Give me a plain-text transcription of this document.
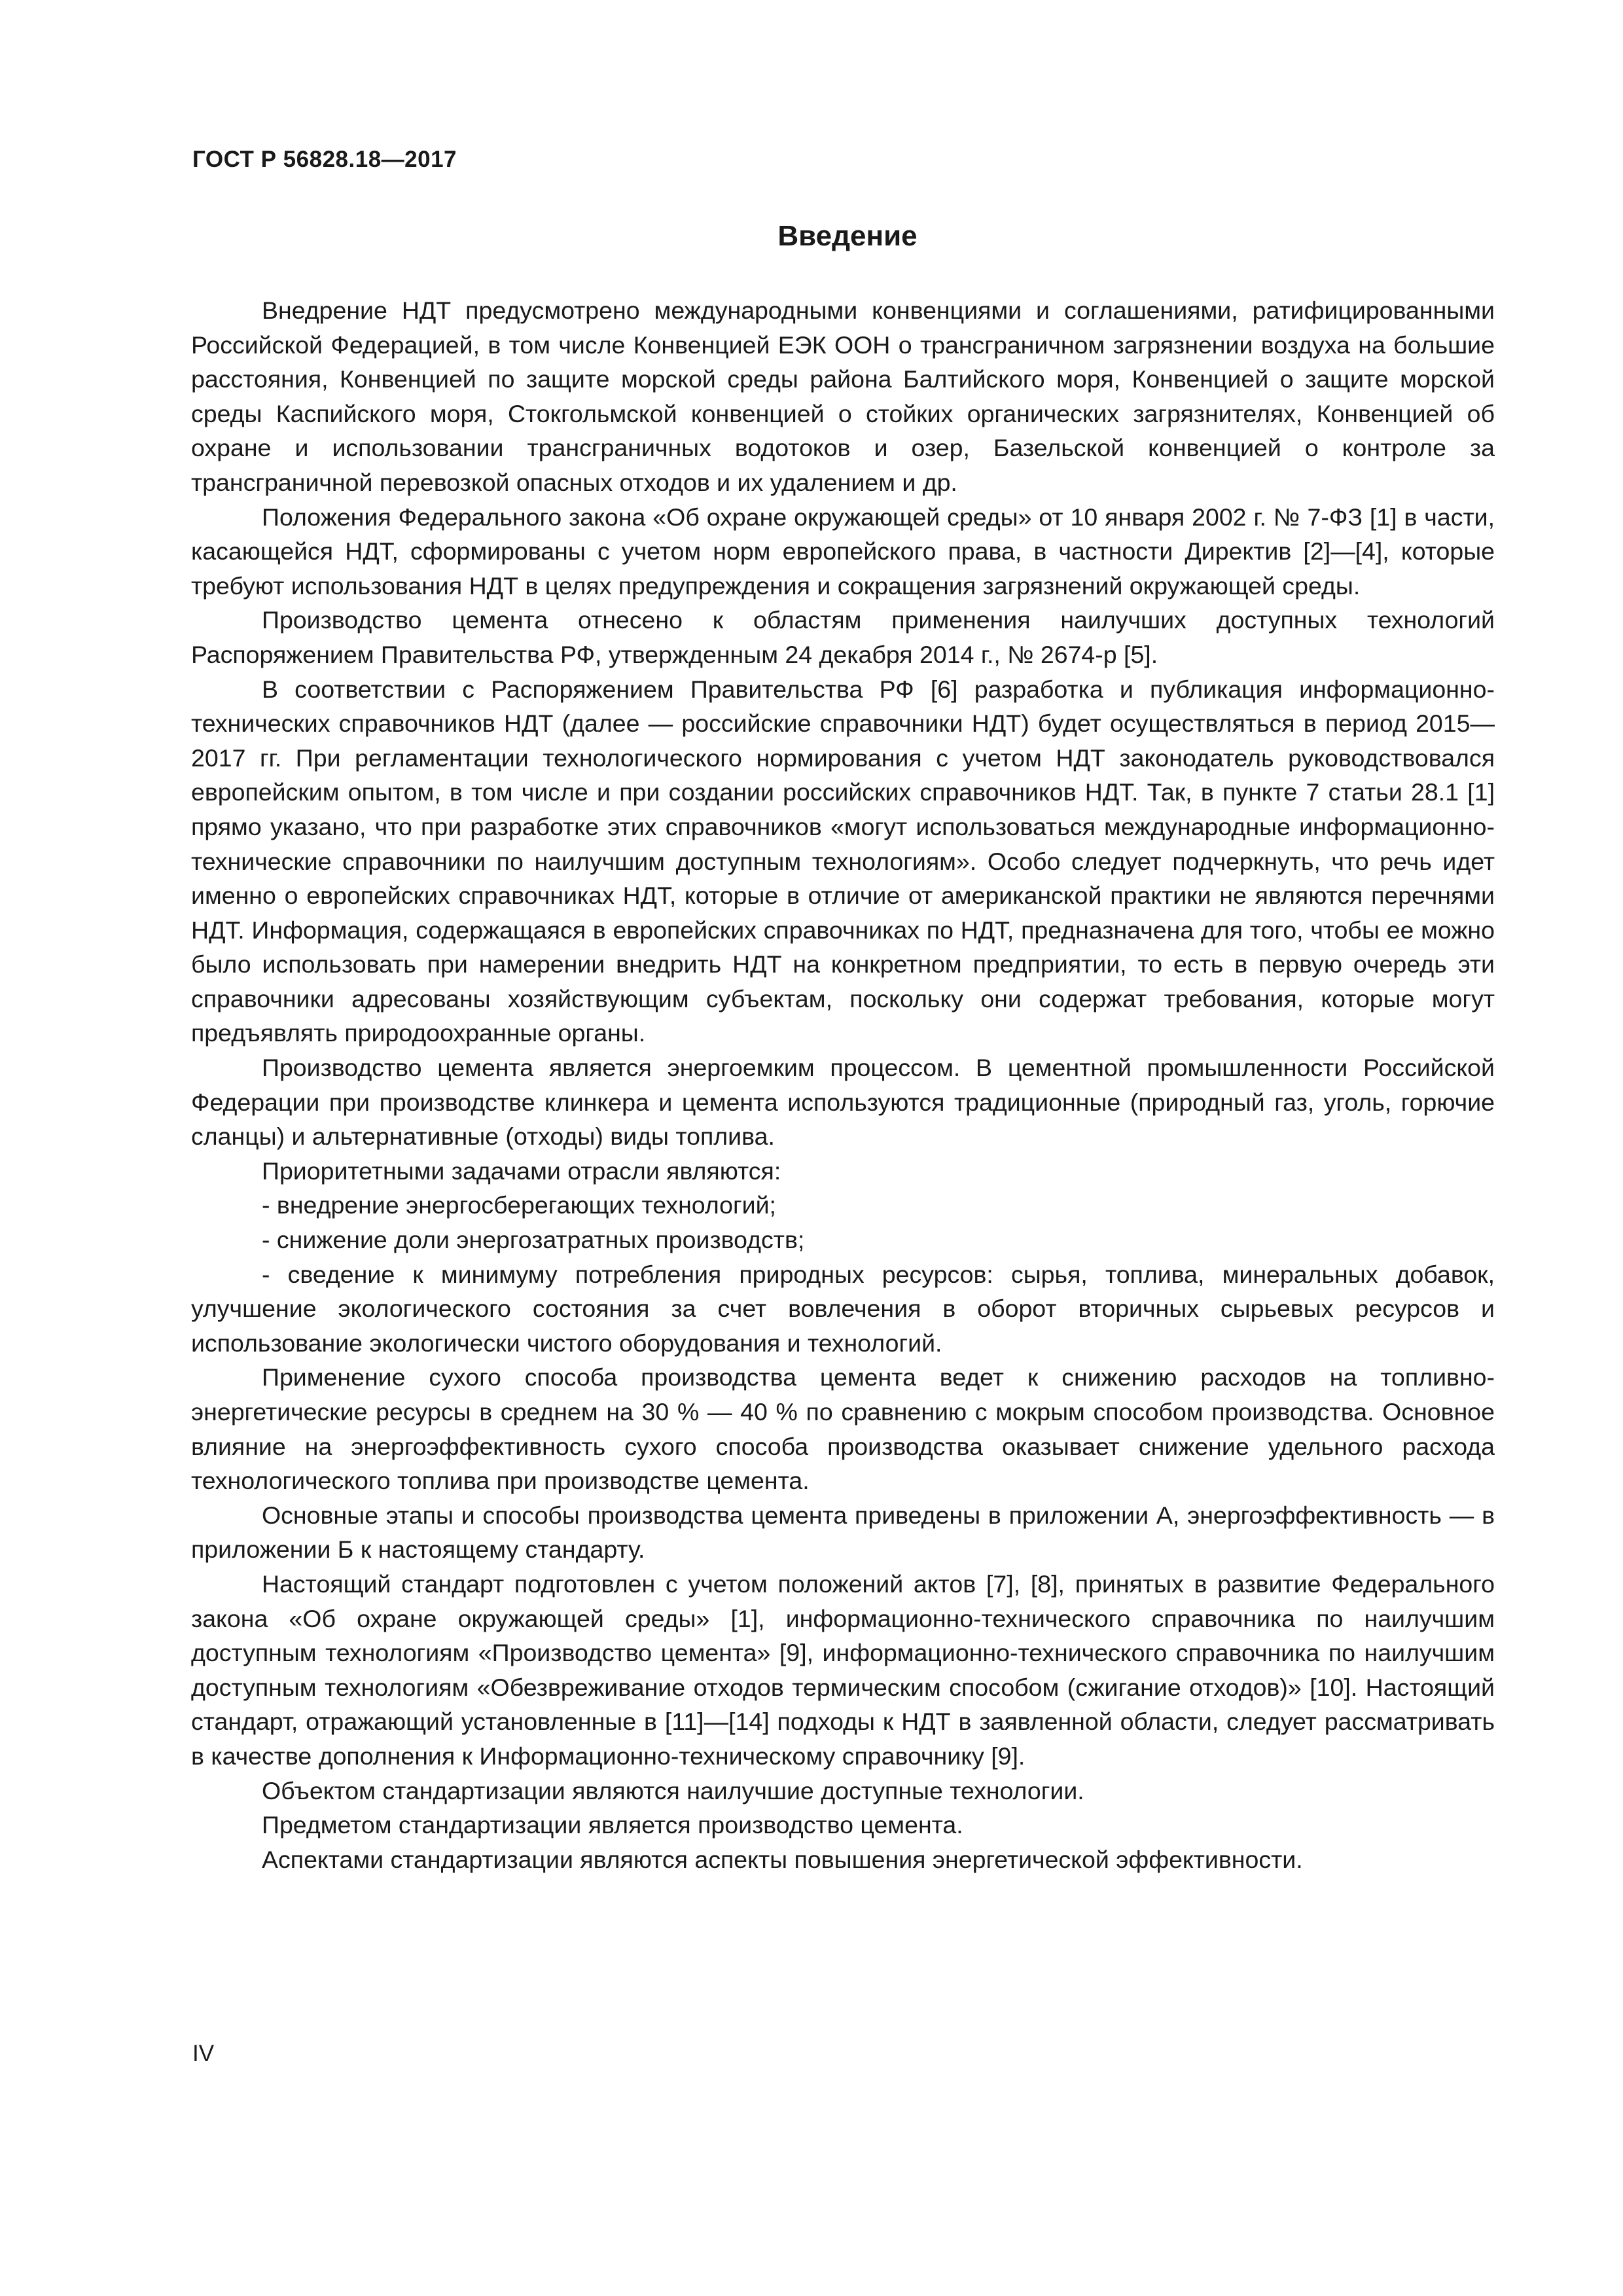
ГОСТ Р 56828.18—2017
Введение

Внедрение НДТ предусмотрено международными конвенциями и соглашениями, ратифицированными Российской Федерацией, в том числе Конвенцией ЕЭК ООН о трансграничном загрязнении воздуха на большие расстояния, Конвенцией по защите морской среды района Балтийского моря, Конвенцией о защите морской среды Каспийского моря, Стокгольмской конвенцией о стойких органических загрязнителях, Конвенцией об охране и использовании трансграничных водотоков и озер, Базельской конвенцией о контроле за трансграничной перевозкой опасных отходов и их удалением и др.

Положения Федерального закона «Об охране окружающей среды» от 10 января 2002 г. № 7-ФЗ [1] в части, касающейся НДТ, сформированы с учетом норм европейского права, в частности Директив [2]—[4], которые требуют использования НДТ в целях предупреждения и сокращения загрязнений окружающей среды.

Производство цемента отнесено к областям применения наилучших доступных технологий Распоряжением Правительства РФ, утвержденным 24 декабря 2014 г., № 2674-р [5].

В соответствии с Распоряжением Правительства РФ [6] разработка и публикация информационно-технических справочников НДТ (далее — российские справочники НДТ) будет осуществляться в период 2015—2017 гг. При регламентации технологического нормирования с учетом НДТ законодатель руководствовался европейским опытом, в том числе и при создании российских справочников НДТ. Так, в пункте 7 статьи 28.1 [1] прямо указано, что при разработке этих справочников «могут использоваться международные информационно-технические справочники по наилучшим доступным технологиям». Особо следует подчеркнуть, что речь идет именно о европейских справочниках НДТ, которые в отличие от американской практики не являются перечнями НДТ. Информация, содержащаяся в европейских справочниках по НДТ, предназначена для того, чтобы ее можно было использовать при намерении внедрить НДТ на конкретном предприятии, то есть в первую очередь эти справочники адресованы хозяйствующим субъектам, поскольку они содержат требования, которые могут предъявлять природоохранные органы.

Производство цемента является энергоемким процессом. В цементной промышленности Российской Федерации при производстве клинкера и цемента используются традиционные (природный газ, уголь, горючие сланцы) и альтернативные (отходы) виды топлива.

Приоритетными задачами отрасли являются:

- внедрение энергосберегающих технологий;

- снижение доли энергозатратных производств;

- сведение к минимуму потребления природных ресурсов: сырья, топлива, минеральных добавок, улучшение экологического состояния за счет вовлечения в оборот вторичных сырьевых ресурсов и использование экологически чистого оборудования и технологий.

Применение сухого способа производства цемента ведет к снижению расходов на топливно-энергетические ресурсы в среднем на 30 % — 40 % по сравнению с мокрым способом производства. Основное влияние на энергоэффективность сухого способа производства оказывает снижение удельного расхода технологического топлива при производстве цемента.

Основные этапы и способы производства цемента приведены в приложении А, энергоэффективность — в приложении Б к настоящему стандарту.

Настоящий стандарт подготовлен с учетом положений актов [7], [8], принятых в развитие Федерального закона «Об охране окружающей среды» [1], информационно-технического справочника по наилучшим доступным технологиям «Производство цемента» [9], информационно-технического справочника по наилучшим доступным технологиям «Обезвреживание отходов термическим способом (сжигание отходов)» [10]. Настоящий стандарт, отражающий установленные в [11]—[14] подходы к НДТ в заявленной области, следует рассматривать в качестве дополнения к Информационно-техническому справочнику [9].

Объектом стандартизации являются наилучшие доступные технологии.

Предметом стандартизации является производство цемента.

Аспектами стандартизации являются аспекты повышения энергетической эффективности.

IV
